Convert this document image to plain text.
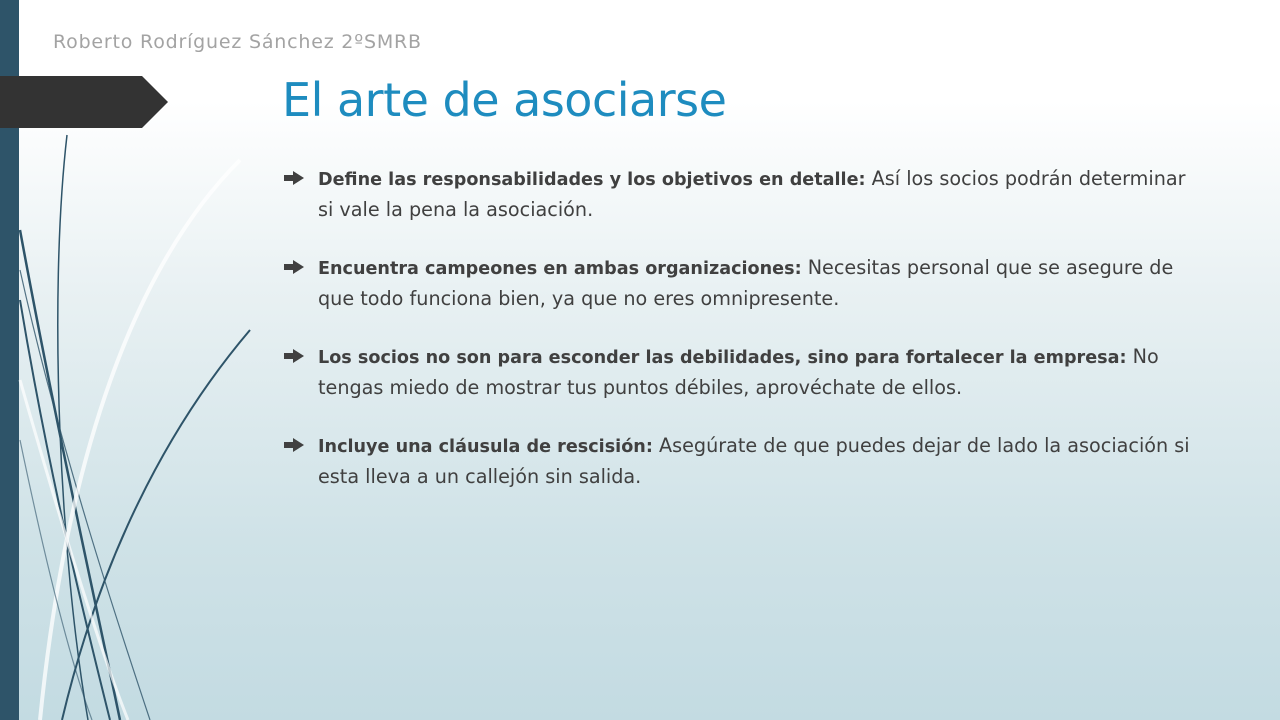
Roberto Rodríguez Sánchez 2ºSMRB
El arte de asociarse
Define las responsabilidades y los objetivos en detalle: Así los socios podrán determinar si vale la pena la asociación.
Encuentra campeones en ambas organizaciones: Necesitas personal que se asegure de que todo funciona bien, ya que no eres omnipresente.
Los socios no son para esconder las debilidades, sino para fortalecer la empresa: No tengas miedo de mostrar tus puntos débiles, aprovéchate de ellos.
Incluye una cláusula de rescisión: Asegúrate de que puedes dejar de lado la asociación si esta lleva a un callejón sin salida.
